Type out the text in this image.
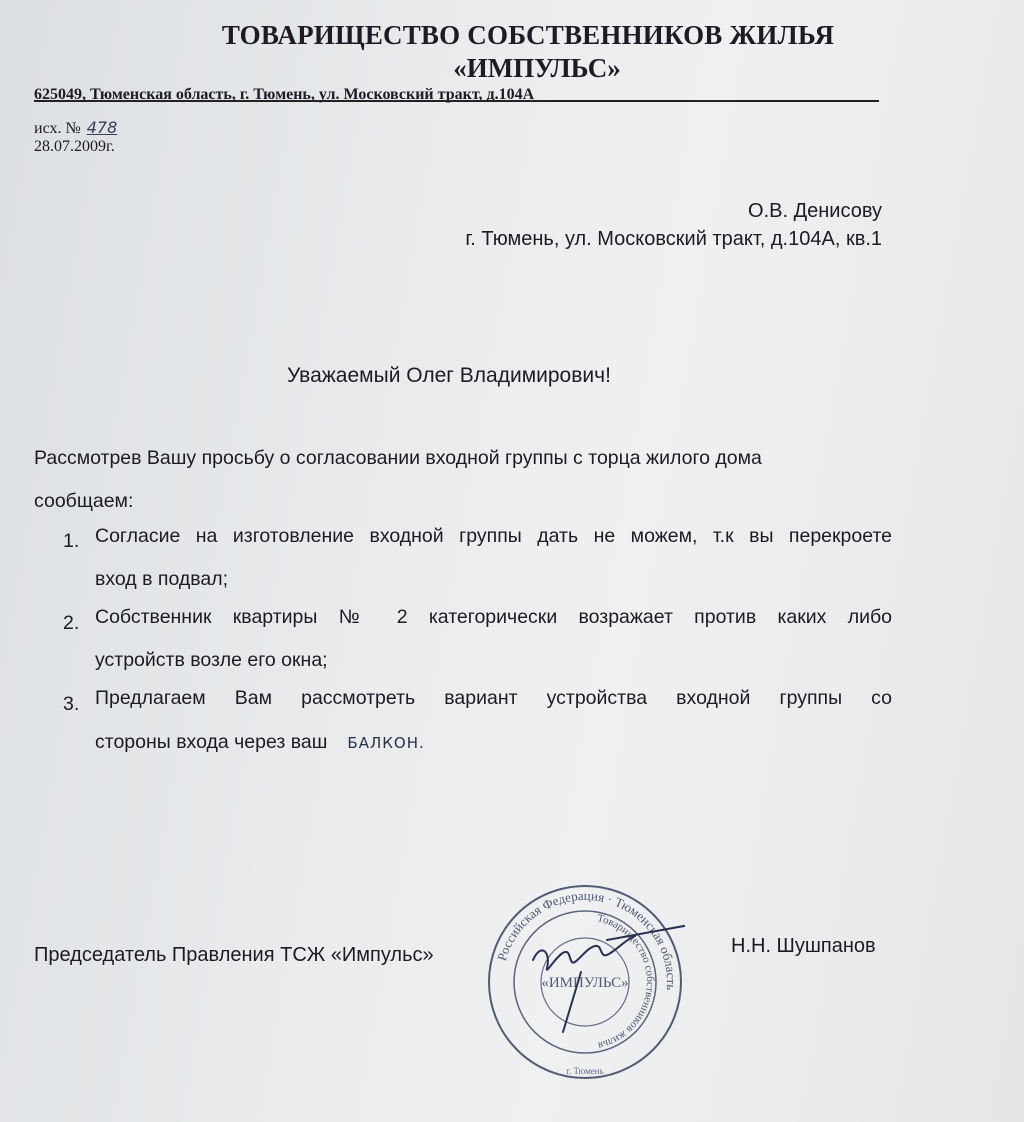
ТОВАРИЩЕСТВО СОБСТВЕННИКОВ ЖИЛЬЯ
«ИМПУЛЬС»
625049, Тюменская область, г. Тюмень, ул. Московский тракт, д.104А
исх. № 478
28.07.2009г.
О.В. Денисову
г. Тюмень, ул. Московский тракт, д.104А, кв.1
Уважаемый Олег Владимирович!
Рассмотрев Вашу просьбу о согласовании входной группы с торца жилого дома
сообщаем:
1. Согласие на изготовление входной группы дать не можем, т.к вы перекроете
вход в подвал;
2. Собственник квартиры № 2 категорически возражает против каких либо
устройств возле его окна;
3. Предлагаем Вам рассмотреть вариант устройства входной группы со
стороны входа через ваш БАЛКОН.
Председатель Правления ТСЖ «Импульс»	Н.Н. Шушпанов
Российская Федерация · Тюменская область
Товарищество собственников жилья
«ИМПУЛЬС»
г. Тюмень
